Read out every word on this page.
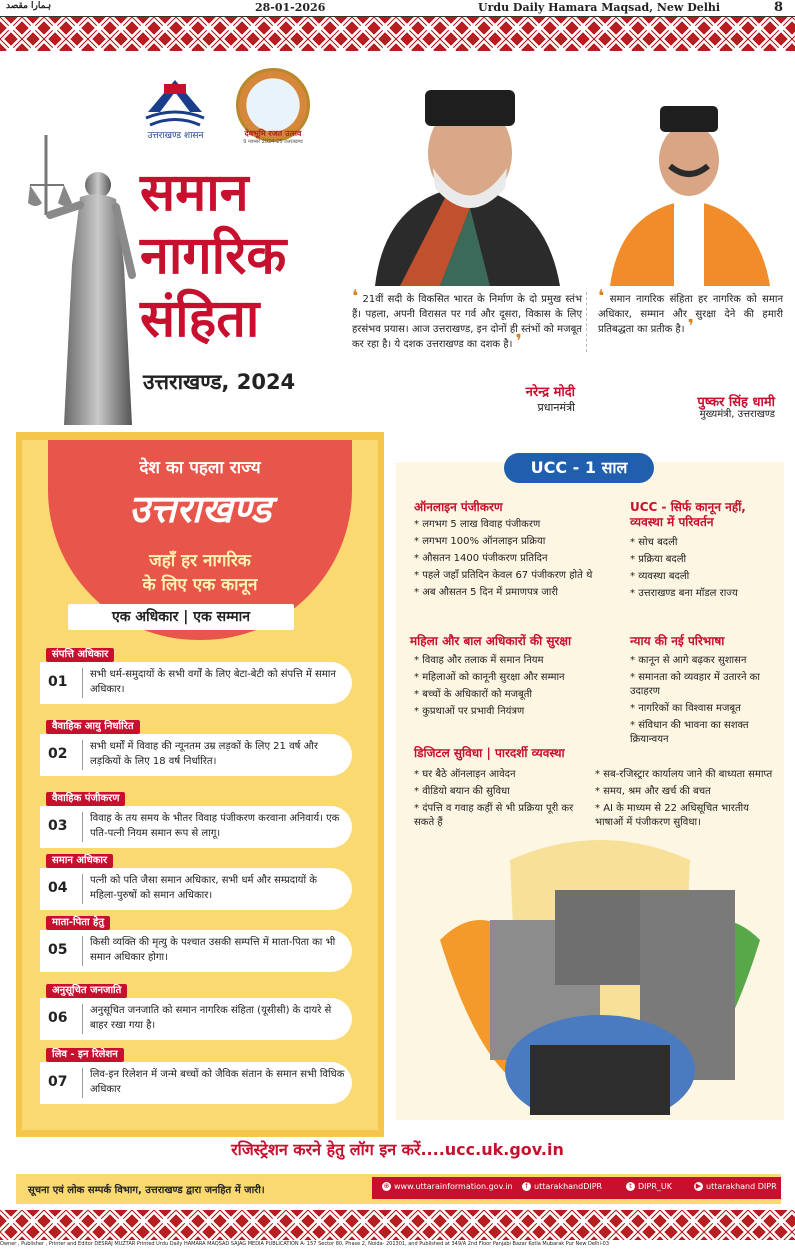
ہمارا مقصد	28-01-2026	Urdu Daily Hamara Maqsad, New Delhi	8
उत्तराखण्ड शासन	देवभूमि रजत उत्सव
9 नवम्बर 2024-25 उत्तराखण्ड
समान
नागरिक
संहिता
उत्तराखण्ड, 2024
❛ 21वीं सदी के विकसित भारत के निर्माण के दो प्रमुख स्तंभ हैं। पहला, अपनी विरासत पर गर्व और दूसरा, विकास के लिए हरसंभव प्रयास। आज उत्तराखण्ड, इन दोनों ही स्तंभों को मजबूत कर रहा है। ये दशक उत्तराखण्ड का दशक है। ❜
नरेन्द्र मोदी
प्रधानमंत्री
❛ समान नागरिक संहिता हर नागरिक को समान अधिकार, सम्मान और सुरक्षा देने की हमारी प्रतिबद्धता का प्रतीक है। ❜
पुष्कर सिंह धामी
मुख्यमंत्री, उत्तराखण्ड
देश का पहला राज्य
उत्तराखण्ड
जहाँ हर नागरिक
के लिए एक कानून
एक अधिकार | एक सम्मान
संपत्ति अधिकार
01 सभी धर्म-समुदायों के सभी वर्गों के लिए बेटा-बेटी को संपत्ति में समान अधिकार।
वैवाहिक आयु निर्धारित
02 सभी धर्मों में विवाह की न्यूनतम उम्र लड़कों के लिए 21 वर्ष और लड़कियों के लिए 18 वर्ष निर्धारित।
वैवाहिक पंजीकरण
03 विवाह के तय समय के भीतर विवाह पंजीकरण करवाना अनिवार्य। एक पति-पत्नी नियम समान रूप से लागू।
समान अधिकार
04 पत्नी को पति जैसा समान अधिकार, सभी धर्म और सम्प्रदायों के महिला-पुरुषों को समान अधिकार।
माता-पिता हेतु
05 किसी व्यक्ति की मृत्यु के पश्चात उसकी सम्पत्ति में माता-पिता का भी समान अधिकार होगा।
अनुसूचित जनजाति
06 अनुसूचित जनजाति को समान नागरिक संहिता (यूसीसी) के दायरे से बाहर रखा गया है।
लिव - इन रिलेशन
07 लिव-इन रिलेशन में जन्मे बच्चों को जैविक संतान के समान सभी विधिक अधिकार
UCC - 1 साल
ऑनलाइन पंजीकरण
* लगभग 5 लाख विवाह पंजीकरण
* लगभग 100% ऑनलाइन प्रक्रिया
* औसतन 1400 पंजीकरण प्रतिदिन
* पहले जहाँ प्रतिदिन केवल 67 पंजीकरण होते थे
* अब औसतन 5 दिन में प्रमाणपत्र जारी
UCC - सिर्फ कानून नहीं, व्यवस्था में परिवर्तन
* सोच बदली
* प्रक्रिया बदली
* व्यवस्था बदली
* उत्तराखण्ड बना मॉडल राज्य
महिला और बाल अधिकारों की सुरक्षा
* विवाह और तलाक में समान नियम
* महिलाओं को कानूनी सुरक्षा और सम्मान
* बच्चों के अधिकारों को मजबूती
* कुप्रथाओं पर प्रभावी नियंत्रण
न्याय की नई परिभाषा
* कानून से आगे बढ़कर सुशासन
* समानता को व्यवहार में उतारने का उदाहरण
* नागरिकों का विश्वास मजबूत
* संविधान की भावना का सशक्त क्रियान्वयन
डिजिटल सुविधा | पारदर्शी व्यवस्था
* घर बैठे ऑनलाइन आवेदन
* वीडियो बयान की सुविधा
* दंपत्ति व गवाह कहीं से भी प्रक्रिया पूरी कर सकते हैं
* सब-रजिस्ट्रार कार्यालय जाने की बाध्यता समाप्त
* समय, श्रम और खर्च की बचत
* AI के माध्यम से 22 अधिसूचित भारतीय भाषाओं में पंजीकरण सुविधा।
रजिस्ट्रेशन करने हेतु लॉग इन करें....ucc.uk.gov.in
सूचना एवं लोक सम्पर्क विभाग, उत्तराखण्ड द्वारा जनहित में जारी।	⊕ www.uttarainformation.gov.in	f uttarakhandDIPR	t DIPR_UK	▶ uttarakhand DIPR
Owner , Publisher , Printer and Editor DESRAJ MUZTAR Printed Urdu Daily HAMARA MAQSAD SAJAG MEDIA PUBLICATION A- 157 Sector 80, Phase 2, Noida- 201301, and Published at 349/A 2nd Floor Panjabi Bazar Kotla Mubarak Pur New Delhi-03
